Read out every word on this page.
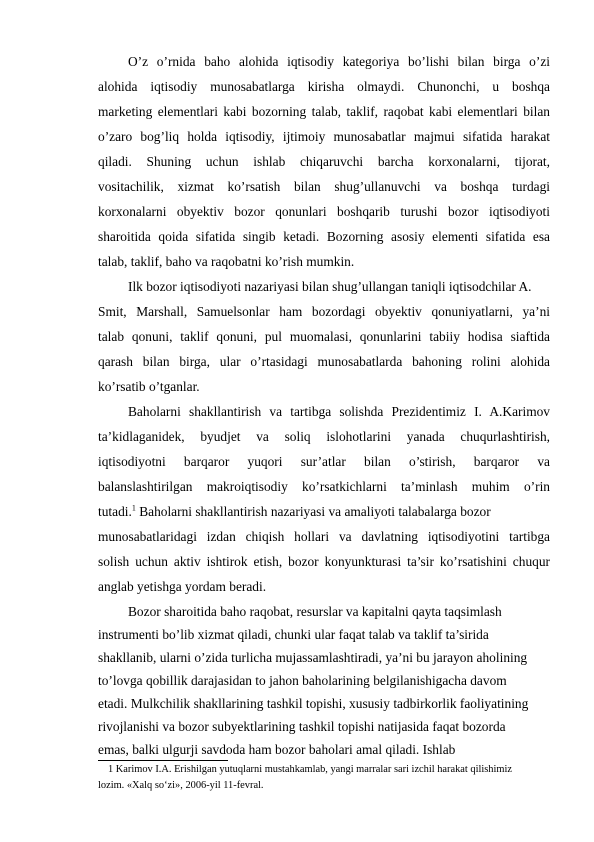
O’z o’rnida baho alohida iqtisodiy kategoriya bo’lishi bilan birga o’zi
alohida iqtisodiy munosabatlarga kirisha olmaydi. Chunonchi, u boshqa
marketing elementlari kabi bozorning talab, taklif, raqobat kabi elementlari bilan
o’zaro bog’liq holda iqtisodiy, ijtimoiy munosabatlar majmui sifatida harakat
qiladi. Shuning uchun ishlab chiqaruvchi barcha korxonalarni, tijorat,
vositachilik, xizmat ko’rsatish bilan shug’ullanuvchi va boshqa turdagi
korxonalarni obyektiv bozor qonunlari boshqarib turushi bozor iqtisodiyoti
sharoitida qoida sifatida singib ketadi. Bozorning asosiy elementi sifatida esa
talab, taklif, baho va raqobatni ko’rish mumkin.
Ilk bozor iqtisodiyoti nazariyasi bilan shug’ullangan taniqli iqtisodchilar A.
Smit, Marshall, Samuelsonlar ham bozordagi obyektiv qonuniyatlarni, ya’ni
talab qonuni, taklif qonuni, pul muomalasi, qonunlarini tabiiy hodisa siaftida
qarash bilan birga, ular o’rtasidagi munosabatlarda bahoning rolini alohida
ko’rsatib o’tganlar.
Baholarni shakllantirish va tartibga solishda Prezidentimiz I. A.Karimov
ta’kidlaganidek, byudjet va soliq islohotlarini yanada chuqurlashtirish,
iqtisodiyotni barqaror yuqori sur’atlar bilan o’stirish, barqaror va
balanslashtirilgan makroiqtisodiy ko’rsatkichlarni ta’minlash muhim o’rin
tutadi.$^1$ Baholarni shakllantirish nazariyasi va amaliyoti talabalarga bozor
munosabatlaridagi izdan chiqish hollari va davlatning iqtisodiyotini tartibga
solish uchun aktiv ishtirok etish, bozor konyunkturasi ta’sir ko’rsatishini chuqur
anglab yetishga yordam beradi.
Bozor sharoitida baho raqobat, resurslar va kapitalni qayta taqsimlash
instrumenti bo’lib xizmat qiladi, chunki ular faqat talab va taklif ta’sirida
shakllanib, ularni o’zida turlicha mujassamlashtiradi, ya’ni bu jarayon aholining
to’lovga qobillik darajasidan to jahon baholarining belgilanishigacha davom
etadi. Mulkchilik shakllarining tashkil topishi, xususiy tadbirkorlik faoliyatining
rivojlanishi va bozor subyektlarining tashkil topishi natijasida faqat bozorda
emas, balki ulgurji savdoda ham bozor baholari amal qiladi. Ishlab
1 Karimov I.A. Erishilgan yutuqlarni mustahkamlab, yangi marralar sari izchil harakat qilishimiz
lozim. «Xalq so‘zi», 2006-yil 11-fevral.
